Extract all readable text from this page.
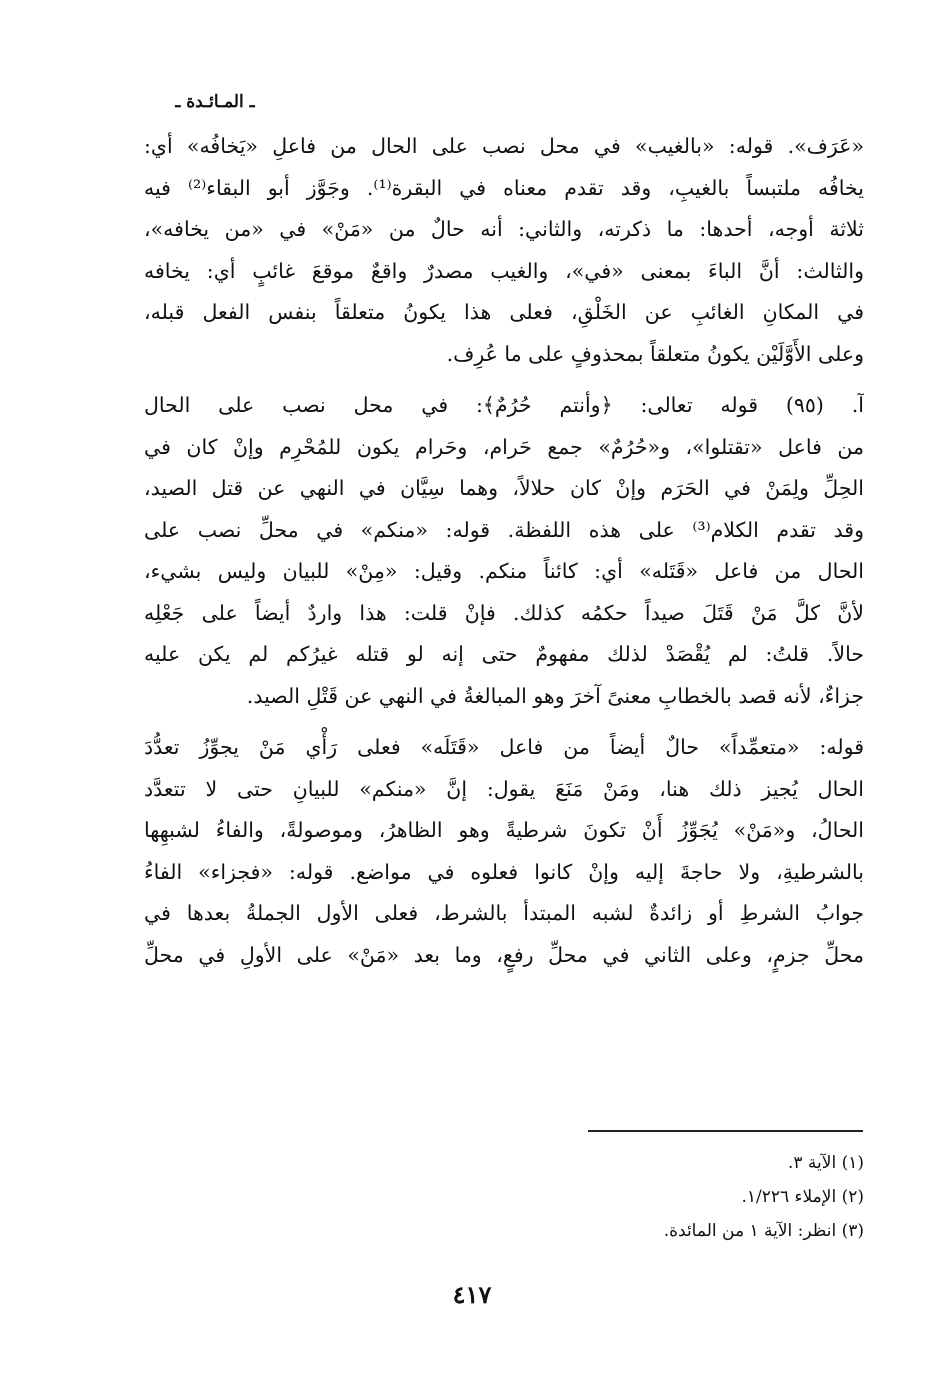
ـ المـائـدة ـ

«عَرَف». قوله: «بالغيب» في محل نصب على الحال من فاعلِ «يَخافُه» أي:
يخافُه ملتبساً بالغيبِ، وقد تقدم معناه في البقرة⁽¹⁾. وجَوَّز أبو البقاء⁽²⁾ فيه
ثلاثة أوجه، أحدها: ما ذكرته، والثاني: أنه حالٌ من «مَنْ» في «من يخافه»،
والثالث: أنَّ الباءَ بمعنى «في»، والغيب مصدرٌ واقعٌ موقعَ غائبٍ أي: يخافه
في المكانِ الغائبِ عن الخَلْقِ، فعلى هذا يكونُ متعلقاً بنفس الفعل قبله،
وعلى الأَوَّلَيْن يكونُ متعلقاً بمحذوفٍ على ما عُرِف.

آ. (٩٥) قوله تعالى: ﴿وأنتم حُرُمٌ﴾: في محل نصب على الحال
من فاعل «تقتلوا»، و«حُرُمٌ» جمع حَرام، وحَرام يكون للمُحْرِم وإنْ كان في
الحِلِّ ولِمَنْ في الحَرَم وإنْ كان حلالاً، وهما سِيَّان في النهي عن قتل الصيد،
وقد تقدم الكلام⁽³⁾ على هذه اللفظة. قوله: «منكم» في محلِّ نصب على
الحال من فاعل «قَتَله» أي: كائناً منكم. وقيل: «مِنْ» للبيان وليس بشيء،
لأنَّ كلَّ مَنْ قَتَلَ صيداً حكمُه كذلك. فإنْ قلت: هذا واردٌ أيضاً على جَعْلِه
حالاً. قلتُ: لم يُقْصَدْ لذلك مفهومٌ حتى إنه لو قتله غيرُكم لم يكن عليه
جزاءٌ، لأنه قصد بالخطابِ معنىً آخرَ وهو المبالغةُ في النهي عن قَتْلِ الصيد.

قوله: «متعمِّداً» حالٌ أيضاً من فاعل «قَتَلَه» فعلى رَأْي مَنْ يجوِّزُ تعدُّدَ
الحال يُجيز ذلك هنا، ومَنْ مَنَعَ يقول: إنَّ «منكم» للبيانِ حتى لا تتعدَّد
الحالُ، و«مَنْ» يُجَوِّزُ أَنْ تكونَ شرطيةً وهو الظاهرُ، وموصولةً، والفاءُ لشبهِها
بالشرطيةِ، ولا حاجةَ إليه وإنْ كانوا فعلوه في مواضع. قوله: «فجزاء» الفاءُ
جوابُ الشرطِ أو زائدةٌ لشبه المبتدأ بالشرط، فعلى الأول الجملةُ بعدها في
محلِّ جزمٍ، وعلى الثاني في محلِّ رفعٍ، وما بعد «مَنْ» على الأولِ في محلِّ

(١) الآية ٣.
(٢) الإملاء ١/٢٢٦.
(٣) انظر: الآية ١ من المائدة.
٤١٧
